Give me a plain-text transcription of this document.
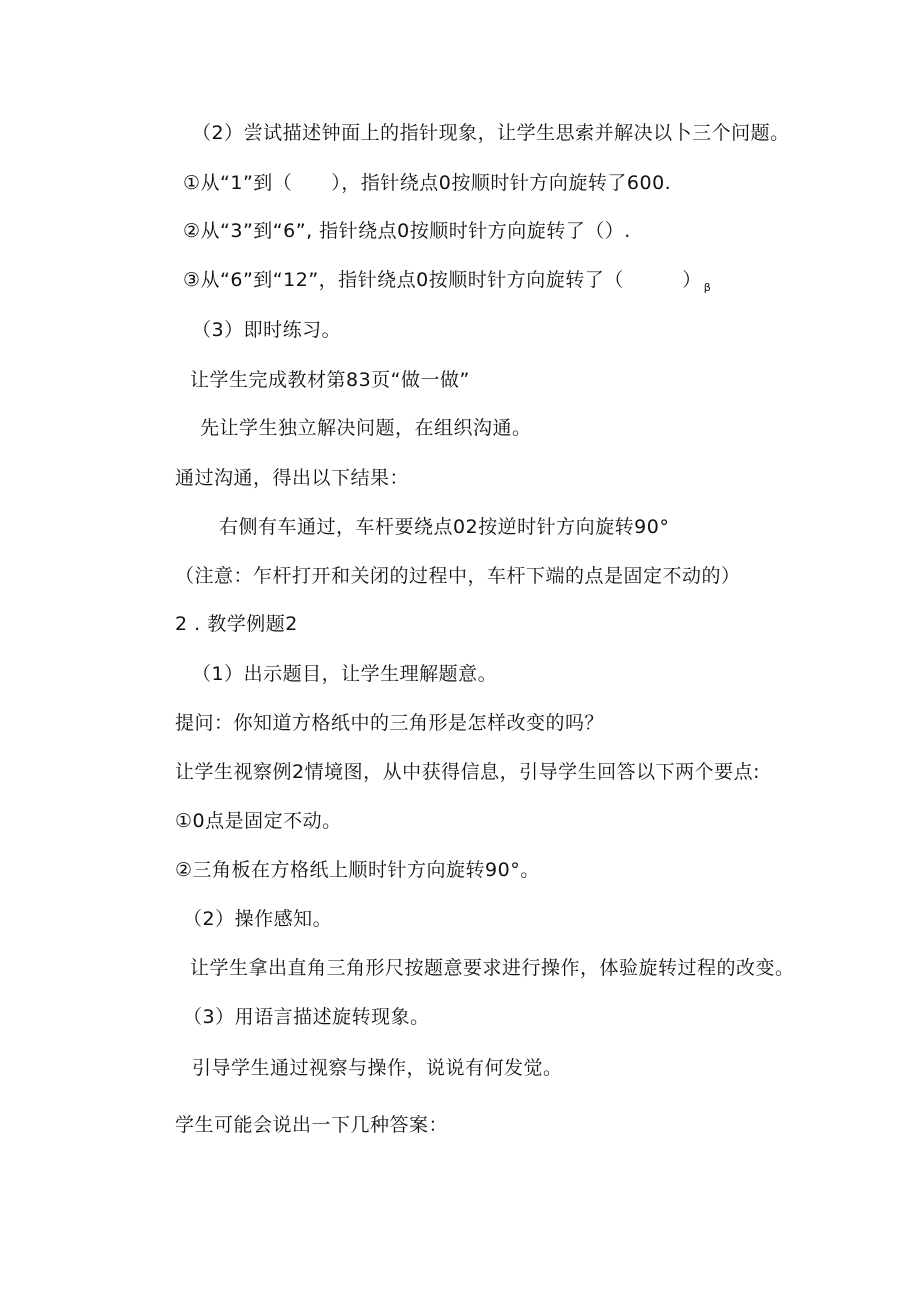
（2）尝试描述钟面上的指针现象，让学生思索并解决以卜三个问题。
①从“1”到（　　），指针绕点0按顺时针方向旋转了600.
②从“3”到“6”, 指针绕点0按顺时针方向旋转了（）.
③从“6”到“12”，指针绕点0按顺时针方向旋转了（　　　） $_\beta$
（3）即时练习。
让学生完成教材第83页“做一做”
先让学生独立解决问题，在组织沟通。
通过沟通，得出以下结果：
右侧有车通过，车杆要绕点02按逆时针方向旋转90°
（注意：乍杆打开和关闭的过程中，车杆下端的点是固定不动的）
2 . 教学例题2
（1）出示题目，让学生理解题意。
提问：你知道方格纸中的三角形是怎样改变的吗？
让学生视察例2情境图，从中获得信息，引导学生回答以下两个要点:
①0点是固定不动。
②三角板在方格纸上顺时针方向旋转90°。
（2）操作感知。
让学生拿出直角三角形尺按题意要求进行操作，体验旋转过程的改变。
（3）用语言描述旋转现象。
引导学生通过视察与操作，说说有何发觉。
学生可能会说出一下几种答案：
